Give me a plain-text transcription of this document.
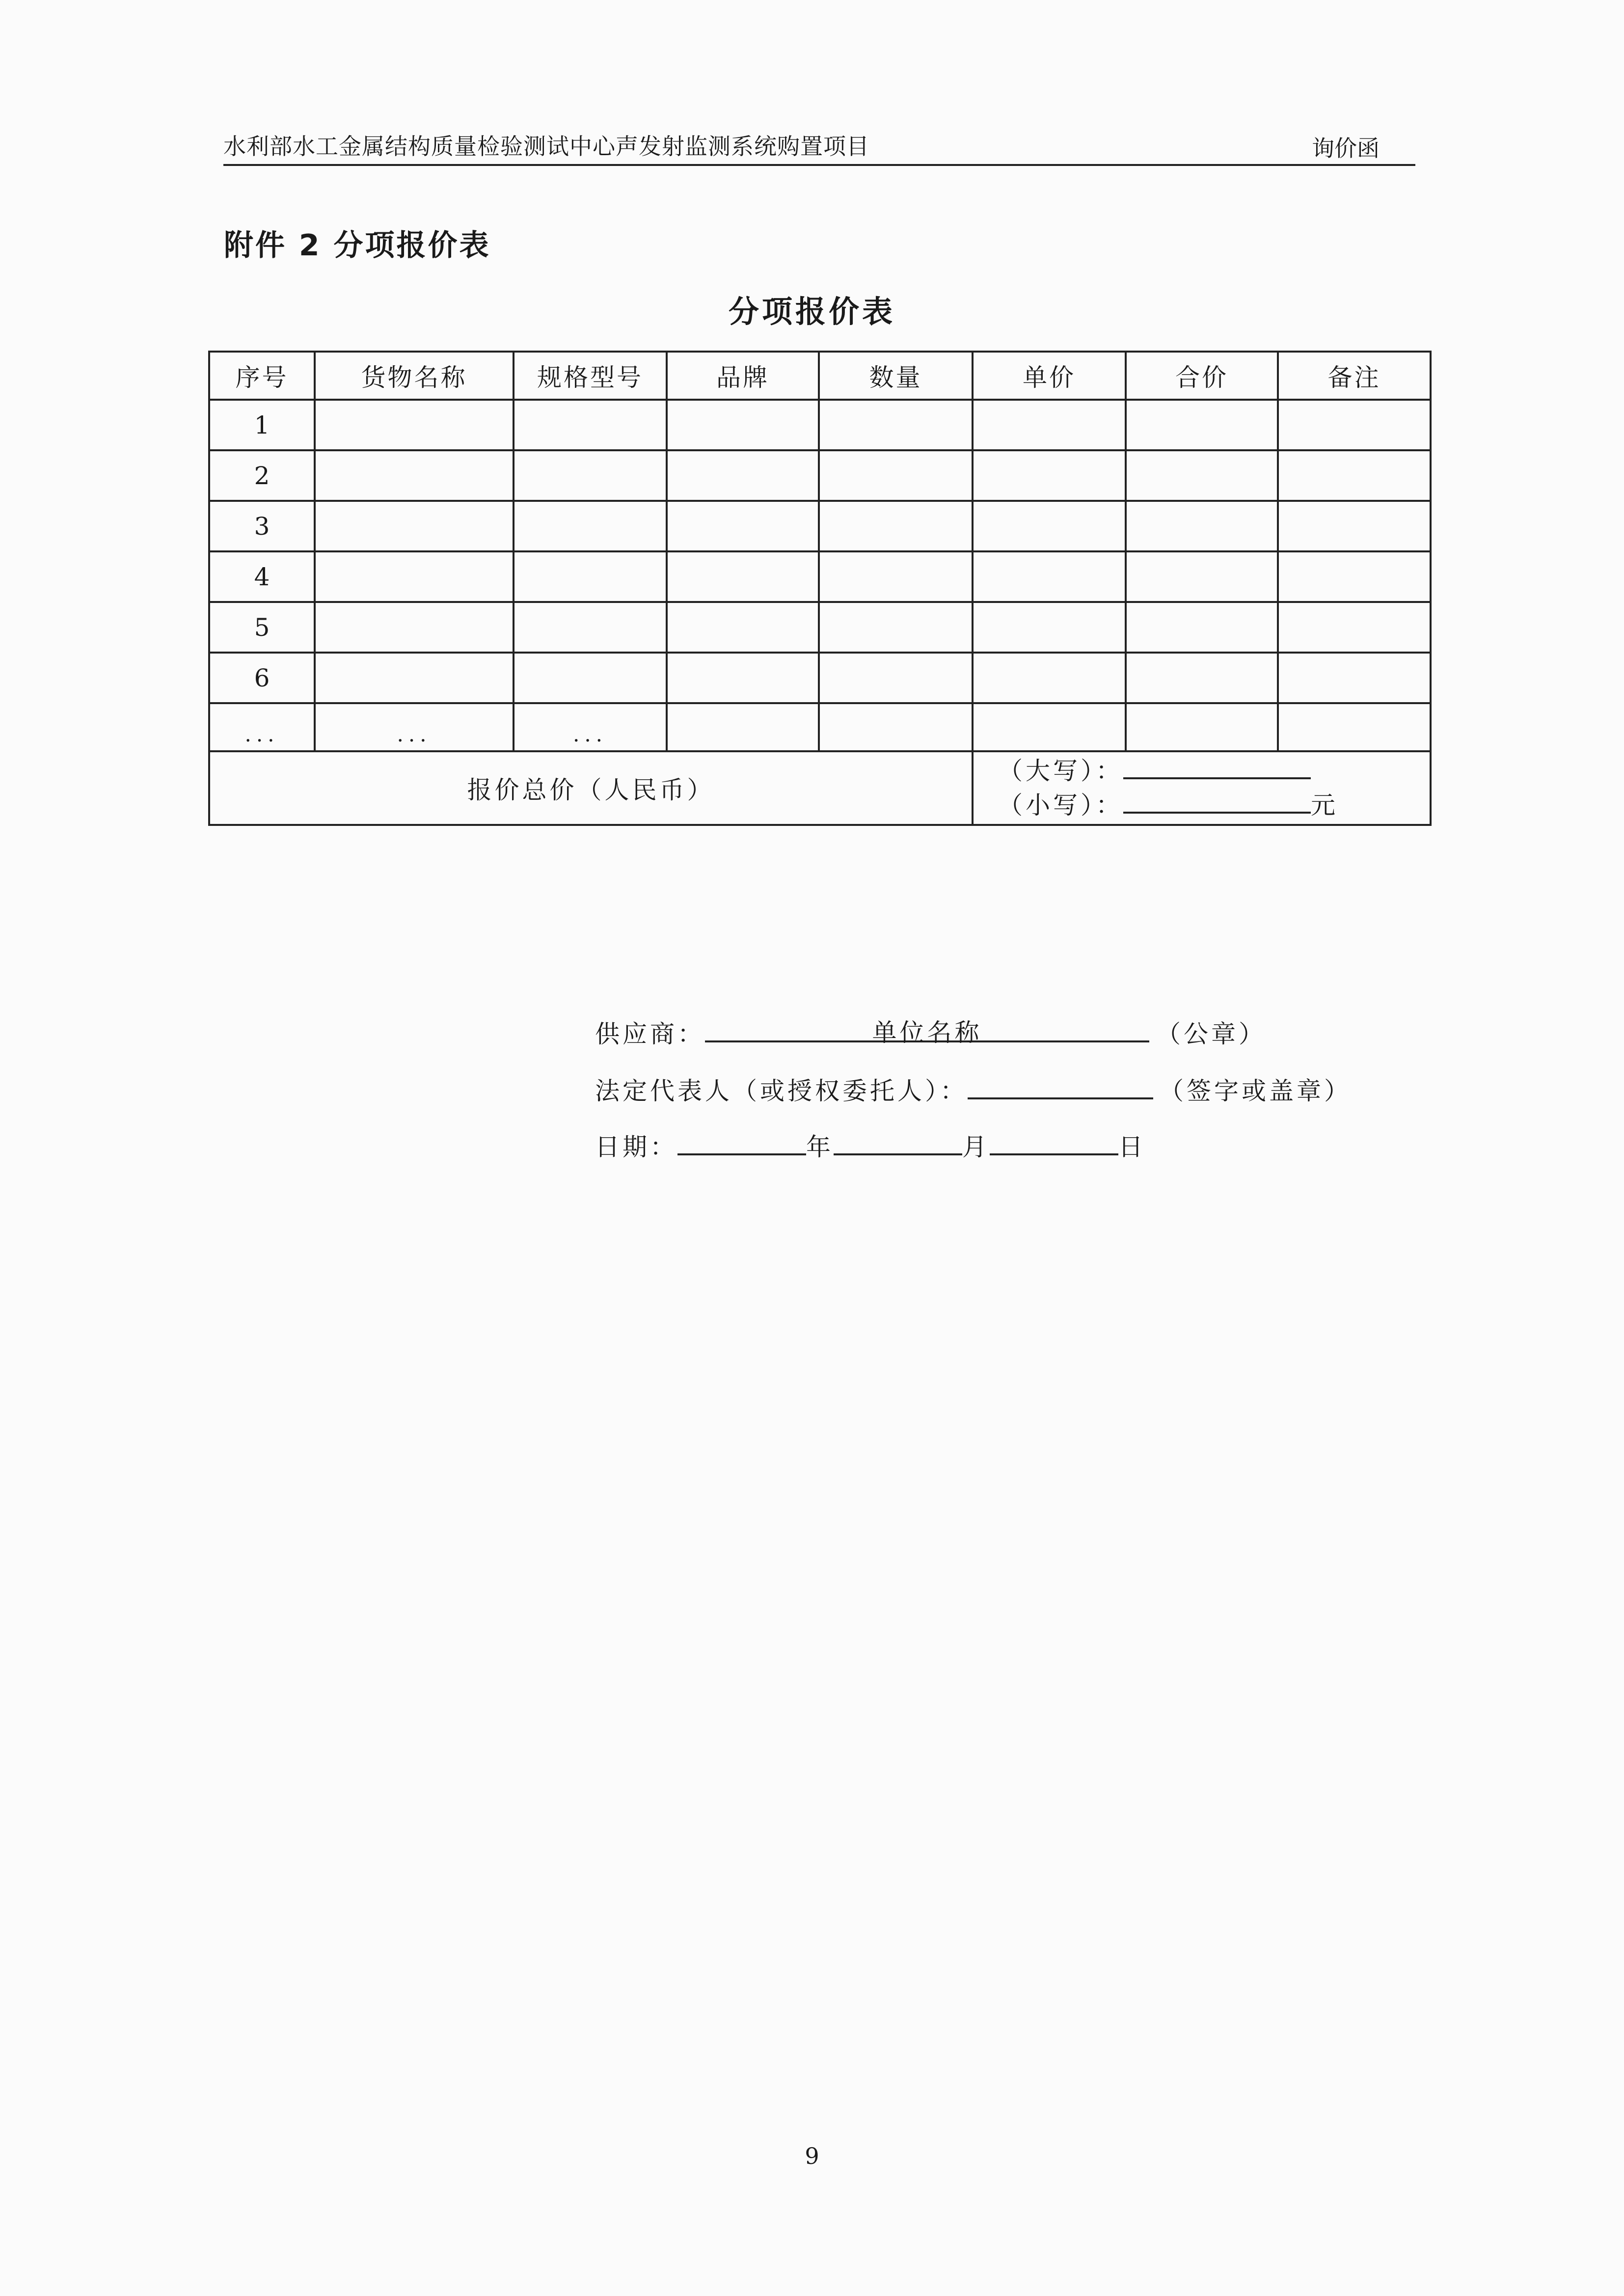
水利部水工金属结构质量检验测试中心声发射监测系统购置项目	询价函
附件 2 分项报价表
分项报价表
序号	货物名称	规格型号	品牌	数量	单价	合价	备注
1							
2							
3							
4							
5							
6							
...	...	...					
报价总价（人民币）					（大写）：
（小写）： 元		
供应商：	单位名称	（公章）
法定代表人（或授权委托人）：	（签字或盖章）
日期：	年	月	日
9
